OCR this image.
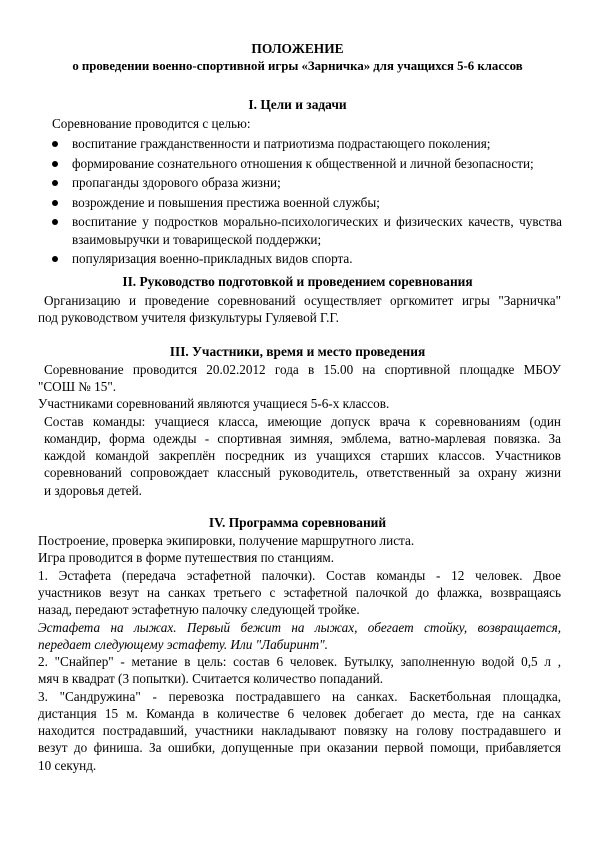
ПОЛОЖЕНИЕ
о проведении военно-спортивной игры «Зарничка» для учащихся 5-6 классов
I. Цели и задачи
Соревнование проводится с целью:
воспитание гражданственности и патриотизма подрастающего поколения;
формирование сознательного отношения к общественной и личной безопасности;
пропаганды здорового образа жизни;
возрождение и повышения престижа военной службы;
воспитание у подростков морально-психологических и физических качеств, чувства взаимовыручки и товарищеской поддержки;
популяризация военно-прикладных видов спорта.
II. Руководство подготовкой и проведением соревнования
Организацию и проведение соревнований осуществляет оргкомитет игры "Зарничка"
под руководством учителя физкультуры Гуляевой Г.Г.
III. Участники, время и место проведения
Соревнование проводится 20.02.2012 года в 15.00 на спортивной площадке МБОУ
"СОШ № 15".
Участниками соревнований являются учащиеся 5-6-х классов.
Состав команды: учащиеся класса, имеющие допуск врача к соревнованиям (один
командир, форма одежды - спортивная зимняя, эмблема, ватно-марлевая повязка. За
каждой командой закреплён посредник из учащихся старших классов. Участников
соревнований сопровождает классный руководитель, ответственный за охрану жизни
и здоровья детей.
IV. Программа соревнований
Построение, проверка экипировки, получение маршрутного листа.
Игра проводится в форме путешествия по станциям.
1. Эстафета (передача эстафетной палочки). Состав команды - 12 человек. Двое
участников везут на санках третьего с эстафетной палочкой до флажка, возвращаясь
назад, передают эстафетную палочку следующей тройке.
Эстафета на лыжах. Первый бежит на лыжах, обегает стойку, возвращается,
передает следующему эстафету. Или "Лабиринт".
2. "Снайпер" - метание в цель: состав 6 человек. Бутылку, заполненную водой 0,5 л ,
мяч в квадрат (3 попытки). Считается количество попаданий.
3. "Сандружина" - перевозка пострадавшего на санках. Баскетбольная площадка,
дистанция 15 м. Команда в количестве 6 человек добегает до места, где на санках
находится пострадавший, участники накладывают повязку на голову пострадавшего и
везут до финиша. За ошибки, допущенные при оказании первой помощи, прибавляется
10 секунд.
